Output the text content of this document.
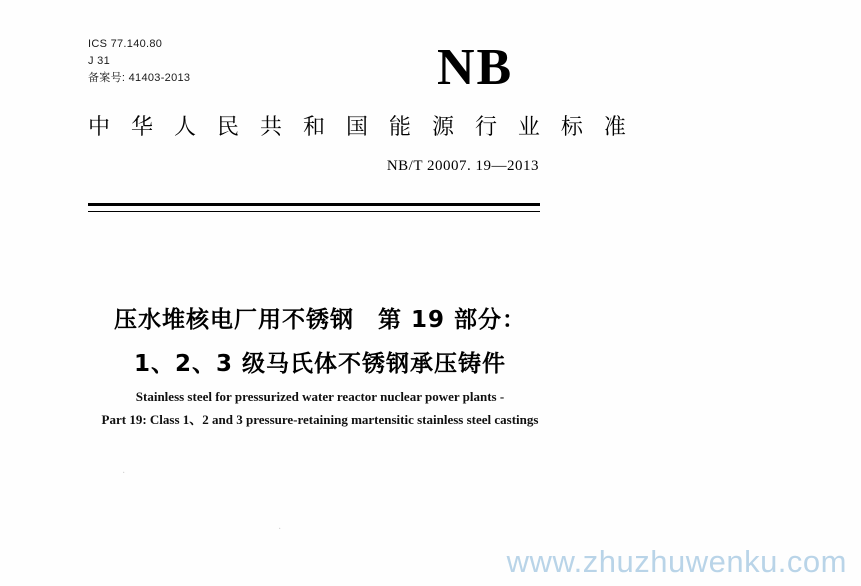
ICS 77.140.80
J 31
备案号: 41403-2013	NB
中 华 人 民 共 和 国 能 源 行 业 标 准
NB/T 20007. 19—2013
压水堆核电厂用不锈钢　第 19 部分：
1、2、3 级马氏体不锈钢承压铸件
Stainless steel for pressurized water reactor nuclear power plants -
Part 19: Class 1、2 and 3 pressure-retaining martensitic stainless steel castings
·
·
www.zhuzhuwenku.com
